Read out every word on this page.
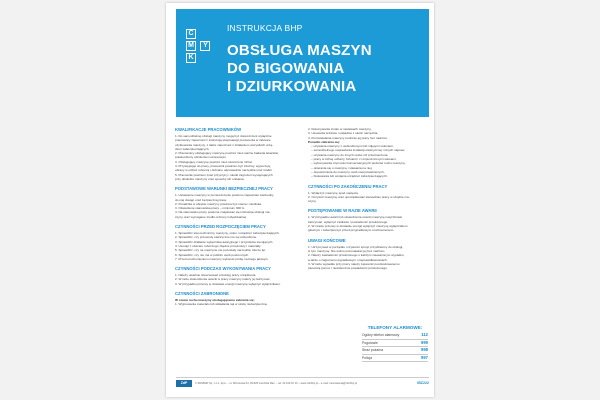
C
M Y
K
INSTRUKCJA BHP
OBSŁUGA MASZYN
DO BIGOWANIA
I DZIURKOWANIA
KWALIFIKACJE PRACOWNIKÓW
1. Do samodzielnej obsługi maszyny mogą być dopuszczeni wyłącznie
pracownicy zapoznani z instrukcją eksploatacji producenta w zakresie
użytkowania maszyny, z także zapoznani z działaniem wszystkich urzą-
dzeń zabezpieczających.
2. Pracownicy obsługujący maszynę powinni mieć ważne badania lekarskie,
potwierdzony szkoleniem okresowym.
3. Obsługujący maszynę powinni mieć ukończone 18 lat.
4. Przystępując do pracy, pracownik powinien być trzeźwy, wypoczęty,
ubrany w odzież roboczą i dobrane odpowiednie narzędzia oraz środki.
5. Pracownik powinien znać przyczyny i skutki zagrożeń występujących
przy obsłudze maszyny oraz sposoby ich unikania.
PODSTAWOWE WARUNKI BEZPIECZNEJ PRACY
1. Ustawienie maszyny w pomieszczeniu powinno zapewniać swobodny
do niej dostęp oraz bezpieczną pracę.
2. Posadzka w obrębie maszyny powinna być równa i nieśliska.
3. Oświetlenie stanowiska pracy – minimum 300 lx.
4. Na stanowisku pracy powinna znajdować się instrukcja obsługi ma-
szyny oraz wymagane środki ochrony indywidualnej.
CZYNNOŚCI PRZED ROZPOCZĘCIEM PRACY
1. Sprawdzić stan techniczny maszyny, osłon i urządzeń zabezpieczających.
2. Sprawdzić, czy przewody elektryczne nie są uszkodzone.
3. Sprawdzić działanie wyłącznika awaryjnego i przycisków sterujących.
4. Usunąć z obszaru roboczego zbędne przedmioty i materiały.
5. Sprawdzić, czy na maszynie nie pozostały narzędzia, klucze itp.
6. Sprawdzić, czy nie ma w pobliżu osób postronnych.
7. Przed uruchomieniem maszyny wykonać próbę na biegu jałowym.
CZYNNOŚCI PODCZAS WYKONYWANIA PRACY
1. Należy uważnie obserwować przebieg pracy urządzenia.
2. W razie stwierdzenia usterki w pracy maszyny należy ją zatrzymać.
3. W przypadku przerwy w dostawie energii maszynę wyłączyć wyłącznikiem.
CZYNNOŚCI ZABRONIONE
W czasie ruchu maszyny obsługującemu zabrania się:
1. Wyjmowania materiału lub wkładania rąk w strefę niebezpieczną.
2. Dokonywania zmian w nastawach maszyny,
3. Usuwania ścinków i odpadów z okolic narzędzia,
4. Pozostawiania maszyny podczas jej pracy bez nadzoru.
Ponadto zabrania się:
– używania maszyny z uszkodzonymi lub zdjętymi osłonami,
– samodzielnego naprawiania instalacji elektrycznej i innych napraw,
– używania maszyny do innych celów niż przeznaczona,
– pracy w luźnej odzieży, biżuterii i z rozpuszczonymi włosami,
– wykonywania czynności konserwacyjnych podczas ruchu maszyny,
– opierania się o maszynę i stawania na niej,
– dopuszczania do maszyny osób nieupoważnionych,
– blokowania lub omijania urządzeń zabezpieczających.
CZYNNOŚCI PO ZAKOŃCZENIU PRACY
1. Wyłączyć maszynę spod napięcia.
2. Oczyścić maszynę oraz uporządkować stanowisko pracy w obrębie ma-
szyny.
POSTĘPOWANIE W RAZIE AWARII
1. W przypadku awarii lub stwierdzenia usterki maszynę natychmiast
zatrzymać, wyłączyć zasilanie i powiadomić przełożonego.
2. W czasie przerwy w dostawie energii wyłączyć maszynę wyłącznikiem
głównym i zabezpieczyć przed przypadkowym uruchomieniem.
UWAGI KOŃCOWE
1. Utrzymywać w porządku i czystości sprzęt przydzielony do obsługi,
w tym maszynę. Nie wolno pozostawiać jej bez nadzoru.
2. Należy zawiadomić przełożonego o każdym zauważonym wypadku,
a także o zagrożeniu wypadkowym i nieprawidłowościach.
3. W razie wypadku przy pracy należy zapewnić poszkodowanemu
pierwszą pomoc i niezwłocznie powiadomić przełożonego.
TELEFONY ALARMOWE:
Ogólny telefon alarmowy	112
Pogotowie	999
Straż pożarna	998
Policja	997
ZdP	© ZDNBHP Sp. z o.o. Sp.k. – ul. Wrzosowa 64, 05-825 Grodzisk Maz. – tel. 22 100 10 10 – www.zdnbhp.pl – e-mail: zamowienia@zdnbhp.pl	IBZ222
